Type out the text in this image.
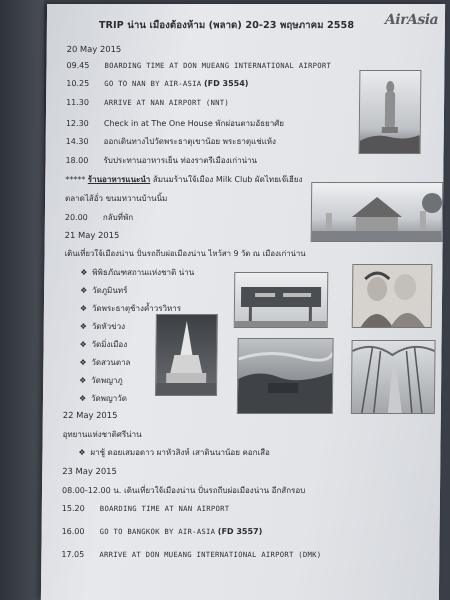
TRIP น่าน เมืองต้องห้าม (พลาด) 20-23 พฤษภาคม 2558 AirAsia
20 May 2015
09.45 BOARDING TIME AT DON MUEANG INTERNATIONAL AIRPORT
10.25 GO TO NAN BY AIR-ASIA (FD 3554)
11.30 ARRIVE AT NAN AIRPORT (NNT)
12.30 Check in at The One House พักผ่อนตามอัธยาศัย
14.30 ออกเดินทางไปวัดพระธาตุเขาน้อย พระธาตุแช่แห้ง
18.00 รับประทานอาหารเย็น ท่องราตรีเมืองเก่าน่าน
***** ร้านอาหารแนะนำ ส้มนมร้านใจ้เมือง Milk Club ผัดไทยเจ๊เฮียง
ตลาดไส้อั่ว ขนมหวานบ้านนิ้ม
20.00 กลับที่พัก
21 May 2015
เดินเที่ยวใจ้เมืองน่าน ปั่นรถถีบผ่อเมืองน่าน ไหว้สา 9 วัด ณ เมืองเก่าน่าน
❖ พิพิธภัณฑสถานแห่งชาติ น่าน
❖ วัดภูมินทร์
❖ วัดพระธาตุช้างค้ำวรวิหาร
❖ วัดหัวข่วง
❖ วัดมิ่งเมือง
❖ วัดสวนตาล
❖ วัดพญาภู
❖ วัดพญาวัด
22 May 2015
อุทยานแห่งชาติศรีน่าน
❖ ผาชู้ ดอยเสมอดาว ผาหัวสิงห์ เสาดินนาน้อย คอกเสือ
23 May 2015
08.00-12.00 น. เดินเที่ยวใจ้เมืองน่าน ปั่นรถถีบผ่อเมืองน่าน อีกสักรอบ
15.20 BOARDING TIME AT NAN AIRPORT
16.00 GO TO BANGKOK BY AIR-ASIA (FD 3557)
17.05 ARRIVE AT DON MUEANG INTERNATIONAL AIRPORT (DMK)
